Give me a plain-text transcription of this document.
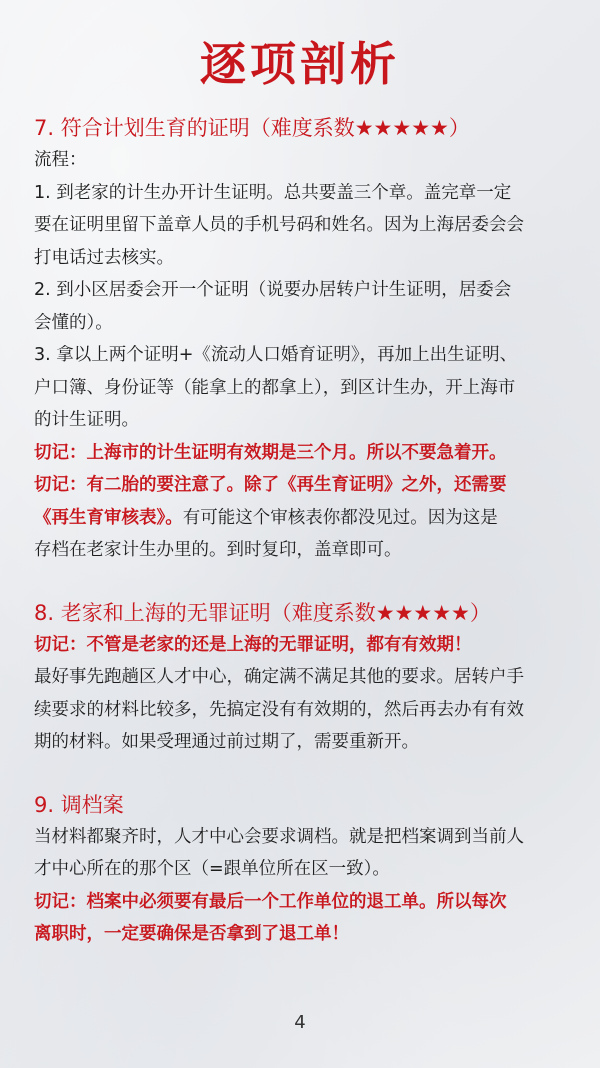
逐项剖析

7. 符合计划生育的证明（难度系数★★★★★）

流程：

1. 到老家的计生办开计生证明。总共要盖三个章。盖完章一定

要在证明里留下盖章人员的手机号码和姓名。因为上海居委会会

打电话过去核实。

2. 到小区居委会开一个证明（说要办居转户计生证明，居委会

会懂的）。

3. 拿以上两个证明+《流动人口婚育证明》，再加上出生证明、

户口簿、身份证等（能拿上的都拿上），到区计生办，开上海市

的计生证明。

切记：上海市的计生证明有效期是三个月。所以不要急着开。

切记：有二胎的要注意了。除了《再生育证明》之外，还需要

《再生育审核表》。有可能这个审核表你都没见过。因为这是

存档在老家计生办里的。到时复印，盖章即可。

8. 老家和上海的无罪证明（难度系数★★★★★）

切记：不管是老家的还是上海的无罪证明，都有有效期！

最好事先跑趟区人才中心，确定满不满足其他的要求。居转户手

续要求的材料比较多，先搞定没有有效期的，然后再去办有有效

期的材料。如果受理通过前过期了，需要重新开。

9. 调档案

当材料都聚齐时，人才中心会要求调档。就是把档案调到当前人

才中心所在的那个区（=跟单位所在区一致）。

切记：档案中必须要有最后一个工作单位的退工单。所以每次

离职时，一定要确保是否拿到了退工单！

4
